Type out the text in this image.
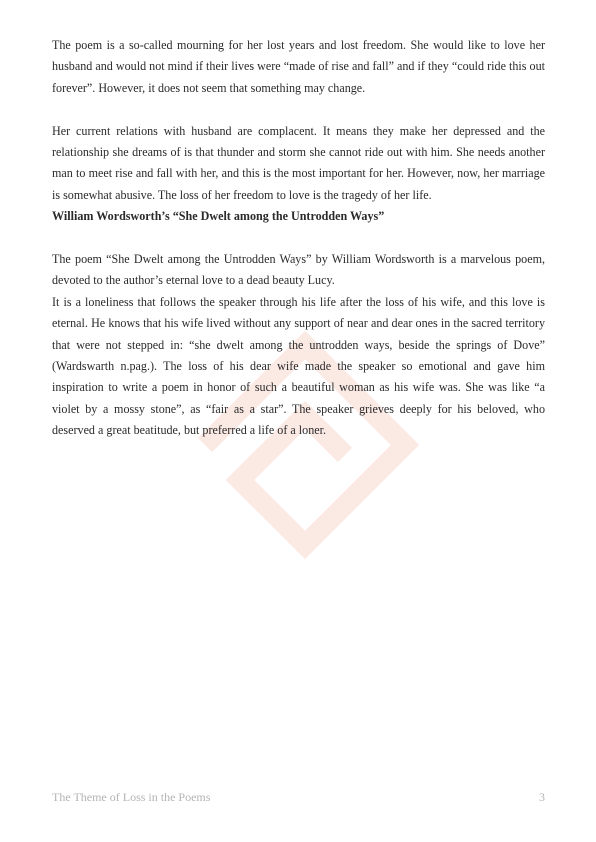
The poem is a so-called mourning for her lost years and lost freedom. She would like to love her husband and would not mind if their lives were “made of rise and fall” and if they “could ride this out forever”. However, it does not seem that something may change.

Her current relations with husband are complacent. It means they make her depressed and the relationship she dreams of is that thunder and storm she cannot ride out with him. She needs another man to meet rise and fall with her, and this is the most important for her. However, now, her marriage is somewhat abusive. The loss of her freedom to love is the tragedy of her life.

William Wordsworth’s “She Dwelt among the Untrodden Ways”

The poem “She Dwelt among the Untrodden Ways” by William Wordsworth is a marvelous poem, devoted to the author’s eternal love to a dead beauty Lucy.

It is a loneliness that follows the speaker through his life after the loss of his wife, and this love is eternal. He knows that his wife lived without any support of near and dear ones in the sacred territory that were not stepped in: “she dwelt among the untrodden ways, beside the springs of Dove” (Wardswarth n.pag.). The loss of his dear wife made the speaker so emotional and gave him inspiration to write a poem in honor of such a beautiful woman as his wife was. She was like “a violet by a mossy stone”, as “fair as a star”. The speaker grieves deeply for his beloved, who deserved a great beatitude, but preferred a life of a loner.

The Theme of Loss in the Poems	3
